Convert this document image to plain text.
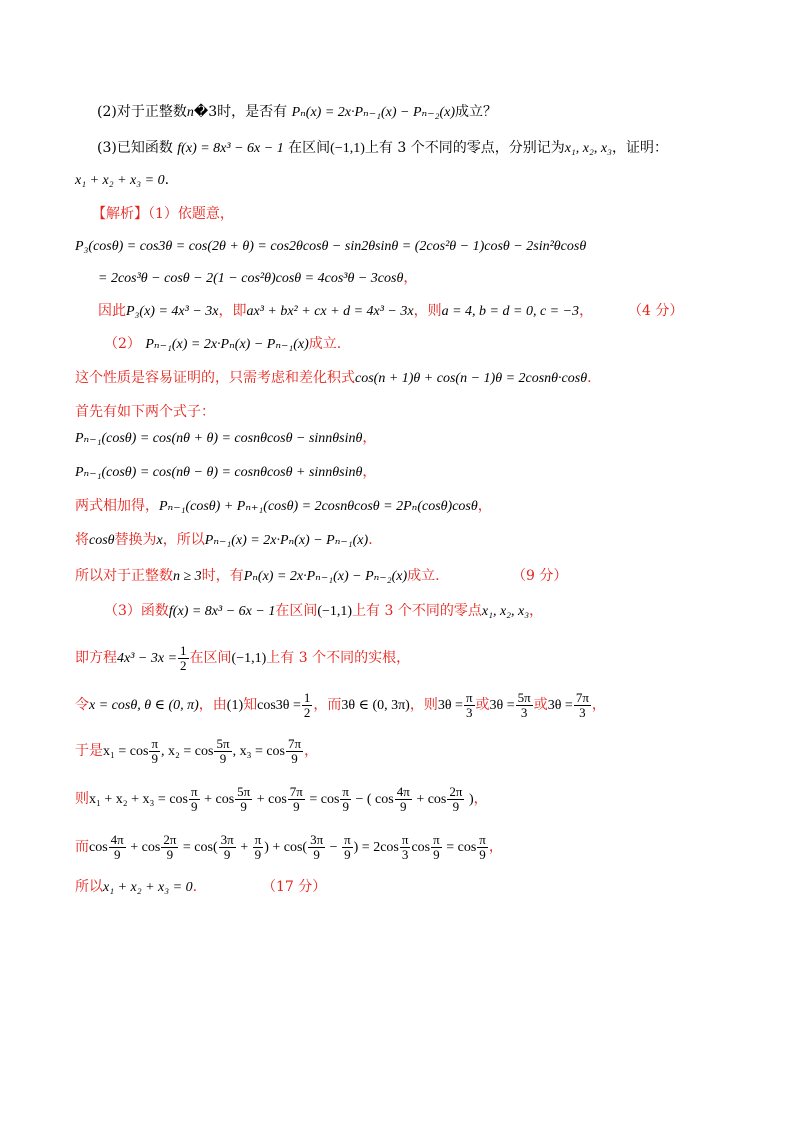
(2)对于正整数n�3时，是否有 Pₙ(x) = 2x·Pₙ₋₁(x) − Pₙ₋₂(x)成立？
(3)已知函数 f(x) = 8x³ − 6x − 1 在区间(−1,1)上有 3 个不同的零点，分别记为x₁, x₂, x₃，证明：
x₁ + x₂ + x₃ = 0.
【解析】（1）依题意，
P₃(cosθ) = cos3θ = cos(2θ + θ) = cos2θcosθ − sin2θsinθ = (2cos²θ − 1)cosθ − 2sin²θcosθ
= 2cos³θ − cosθ − 2(1 − cos²θ)cosθ = 4cos³θ − 3cosθ，
因此P₃(x) = 4x³ − 3x，即ax³ + bx² + cx + d = 4x³ − 3x，则a = 4, b = d = 0, c = −3， （4 分）
（2） Pₙ₋₁(x) = 2x·Pₙ(x) − Pₙ₋₁(x)成立.
这个性质是容易证明的，只需考虑和差化积式cos(n + 1)θ + cos(n − 1)θ = 2cosnθ·cosθ.
首先有如下两个式子：
Pₙ₋₁(cosθ) = cos(nθ + θ) = cosnθcosθ − sinnθsinθ，
Pₙ₋₁(cosθ) = cos(nθ − θ) = cosnθcosθ + sinnθsinθ，
两式相加得，Pₙ₋₁(cosθ) + Pₙ₊₁(cosθ) = 2cosnθcosθ = 2Pₙ(cosθ)cosθ，
将cosθ替换为x，所以Pₙ₋₁(x) = 2x·Pₙ(x) − Pₙ₋₁(x).
所以对于正整数n ≥ 3时，有Pₙ(x) = 2x·Pₙ₋₁(x) − Pₙ₋₂(x)成立.	（9 分）
（3）函数f(x) = 8x³ − 6x − 1在区间(−1,1)上有 3 个不同的零点x₁, x₂, x₃，
即方程$4x^3 - 3x = \frac{1}{2}$ 在区间(−1,1)上有 3 个不同的实根，
令x = cosθ, θ ∈ (0, π)，由(1)知$\cos 3\theta = \frac{1}{2}$ ，而3θ ∈ (0, 3π)，则$3\theta = \frac{\pi}{3}$ 或$3\theta = \frac{5\pi}{3}$ 或$3\theta = \frac{7\pi}{3}$ ，
于是$x_1 = \cos \frac{\pi}{9}$ , $x_2 = \cos \frac{5\pi}{9}$ , $x_3 = \cos \frac{7\pi}{9}$ ，
则$x_1 + x_2 + x_3 = \cos \frac{\pi}{9} + \cos \frac{5\pi}{9} + \cos \frac{7\pi}{9} = \cos \frac{\pi}{9}$ − ( $\cos \frac{4\pi}{9} + \cos \frac{2\pi}{9}$ )，
而$\cos \frac{4\pi}{9} + \cos \frac{2\pi}{9} = \cos( \frac{3\pi}{9} + \frac{\pi}{9}$ ) + $\cos( \frac{3\pi}{9} - \frac{\pi}{9}$ ) = $2\cos \frac{\pi}{3}$ $\cos \frac{\pi}{9} = \cos \frac{\pi}{9}$ ，
所以x₁ + x₂ + x₃ = 0.	（17 分）
